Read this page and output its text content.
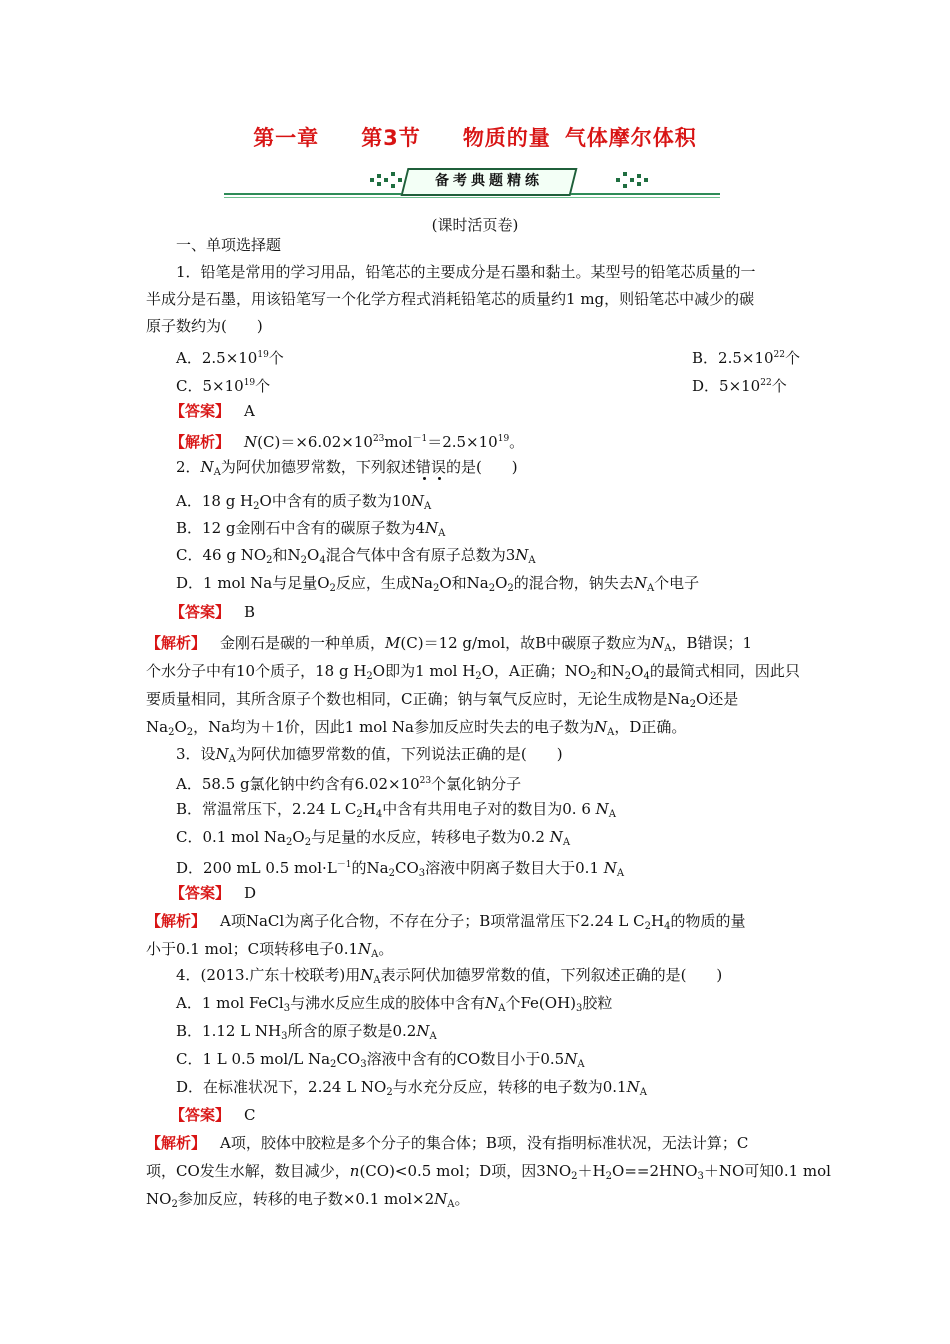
第一章 第3节 物质的量 气体摩尔体积
备考典题精练
(课时活页卷)
一、单项选择题
1．铅笔是常用的学习用品，铅笔芯的主要成分是石墨和黏土。某型号的铅笔芯质量的一
半成分是石墨，用该铅笔写一个化学方程式消耗铅笔芯的质量约1 mg，则铅笔芯中减少的碳
原子数约为(　　)
A．$2.5\times 10^{19}$个	B．$2.5\times 10^{22}$个
C．$5\times 10^{19}$个	D．$5\times 10^{22}$个
【答案】 A
【解析】 $N(C)=\times 6.02\times 10^{23}mol^{-1}=2.5\times 10^{19}$。
2．$N_A$为阿伏加德罗常数，下列叙述错误的是(　　)
A．18 g $H_2O$中含有的质子数为$10N_A$
B．12 g金刚石中含有的碳原子数为$4N_A$
C．46 g $NO_2$和$N_2O_4$混合气体中含有原子总数为$3N_A$
D．1 mol Na与足量$O_2$反应，生成$Na_2O$和$Na_2O_2$的混合物，钠失去$N_A$个电子
【答案】 B
【解析】 金刚石是碳的一种单质，M(C)＝12 g/mol，故B中碳原子数应为$N_A$，B错误；1
个水分子中有10个质子，18 g $H_2O$即为1 mol $H_2O$，A正确；$NO_2$和$N_2O_4$的最简式相同，因此只
要质量相同，其所含原子个数也相同，C正确；钠与氧气反应时，无论生成物是$Na_2O$还是
$Na_2O_2$，Na均为＋1价，因此1 mol Na参加反应时失去的电子数为$N_A$，D正确。
3．设$N_A$为阿伏加德罗常数的值，下列说法正确的是(　　)
A．58.5 g氯化钠中约含有$6.02\times 10^{23}$个氯化钠分子
B．常温常压下，2.24 L $C_2H_4$中含有共用电子对的数目为0. 6 $N_A$
C．0.1 mol $Na_2O_2$与足量的水反应，转移电子数为0.2 $N_A$
D．200 mL 0.5 $mol\cdot L^{-1}$的$Na_2CO_3$溶液中阴离子数目大于0.1 $N_A$
【答案】 D
【解析】 A项NaCl为离子化合物，不存在分子；B项常温常压下2.24 L $C_2H_4$的物质的量
小于0.1 mol；C项转移电子$0.1N_A$。
4．(2013.广东十校联考)用$N_A$表示阿伏加德罗常数的值，下列叙述正确的是(　　)
A．1 mol FeCl$_3$与沸水反应生成的胶体中含有$N_A$个$Fe(OH)_3$胶粒
B．1.12 L $NH_3$所含的原子数是$0.2N_A$
C．1 L 0.5 mol/L $Na_2CO_3$溶液中含有的CO数目小于$0.5N_A$
D．在标准状况下，2.24 L $NO_2$与水充分反应，转移的电子数为$0.1N_A$
【答案】 C
【解析】 A项，胶体中胶粒是多个分子的集合体；B项，没有指明标准状况，无法计算；C
项，CO发生水解，数目减少，n(CO)<0.5 mol；D项，因$3NO_2+H_2O==2HNO_3+NO$可知0.1 mol
$NO_2$参加反应，转移的电子数×0.1 $mol\times 2N_A$。
